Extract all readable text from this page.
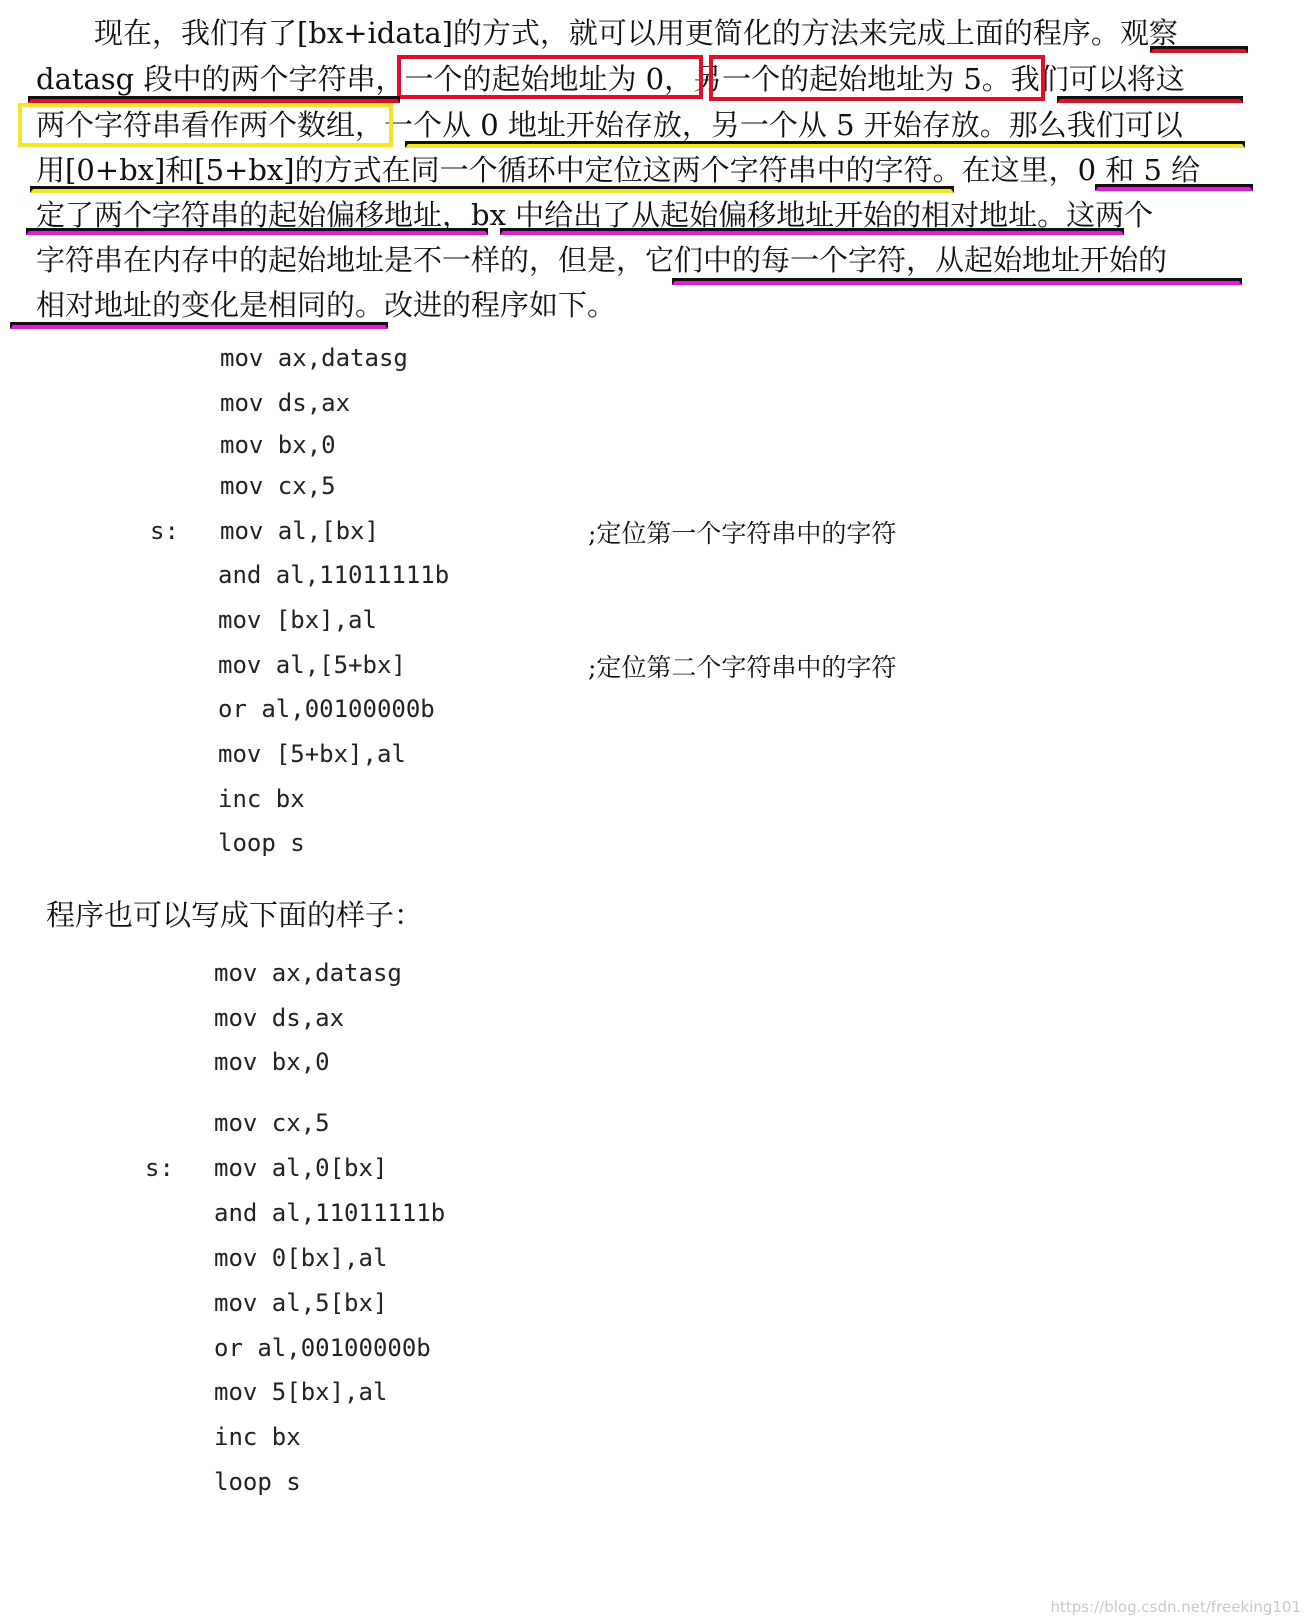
　　现在，我们有了[bx+idata]的方式，就可以用更简化的方法来完成上面的程序。观察
datasg 段中的两个字符串，一个的起始地址为 0，另一个的起始地址为 5。我们可以将这
两个字符串看作两个数组，一个从 0 地址开始存放，另一个从 5 开始存放。那么我们可以
用[0+bx]和[5+bx]的方式在同一个循环中定位这两个字符串中的字符。在这里，0 和 5 给
定了两个字符串的起始偏移地址，bx 中给出了从起始偏移地址开始的相对地址。这两个
字符串在内存中的起始地址是不一样的，但是，它们中的每一个字符，从起始地址开始的
相对地址的变化是相同的。改进的程序如下。
mov ax,datasg
mov ds,ax
mov bx,0
mov cx,5
s: mov al,[bx]	;定位第一个字符串中的字符
and al,11011111b
mov [bx],al
mov al,[5+bx]	;定位第二个字符串中的字符
or al,00100000b
mov [5+bx],al
inc bx
loop s
程序也可以写成下面的样子：
mov ax,datasg
mov ds,ax
mov bx,0
mov cx,5
s: mov al,0[bx]
and al,11011111b
mov 0[bx],al
mov al,5[bx]
or al,00100000b
mov 5[bx],al
inc bx
loop s
https://blog.csdn.net/freeking101
